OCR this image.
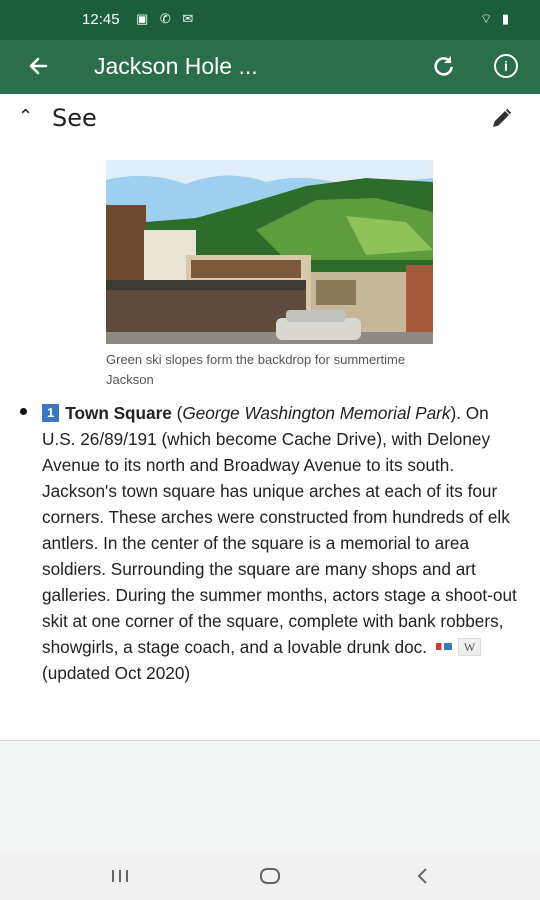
12:45 ▣ ✆ ✉	⌔ ▮
Jackson Hole ...	i
⌃ See
Green ski slopes form the backdrop for summertime Jackson
1 Town Square (George Washington Memorial Park). On U.S. 26/89/191 (which become Cache Drive), with Deloney Avenue to its north and Broadway Avenue to its south. Jackson's town square has unique arches at each of its four corners. These arches were constructed from hundreds of elk antlers. In the center of the square is a memorial to area soldiers. Surrounding the square are many shops and art galleries. During the summer months, actors stage a shoot-out skit at one corner of the square, complete with bank robbers, showgirls, a stage coach, and a lovable drunk doc.	W (updated Oct 2020)
